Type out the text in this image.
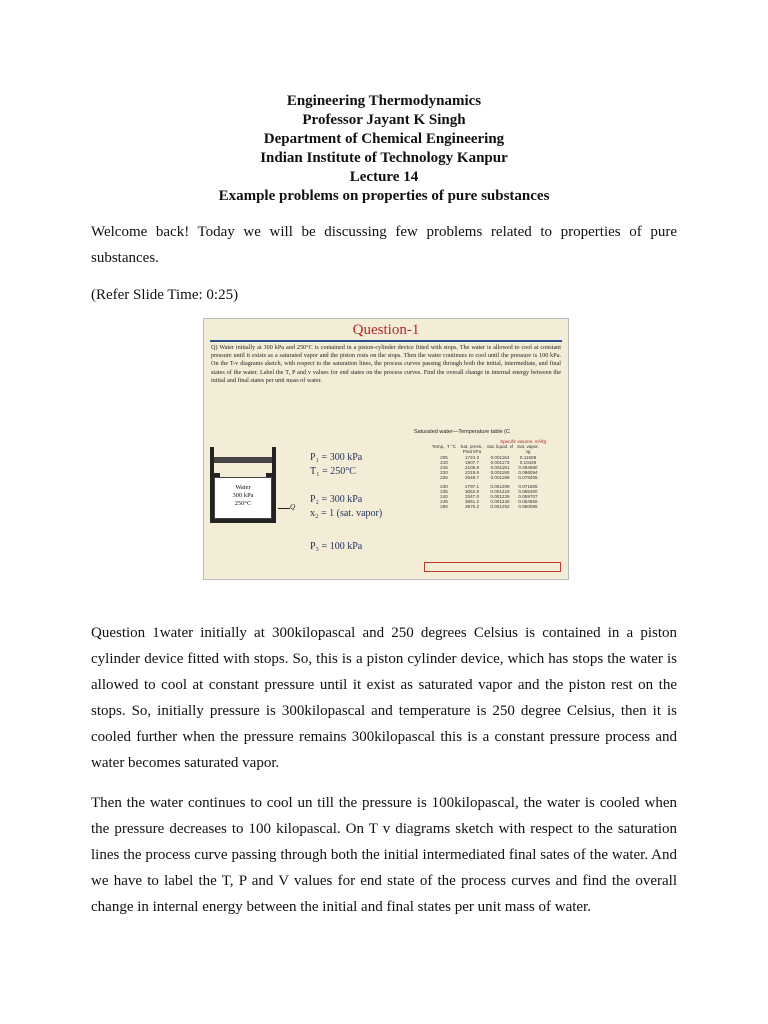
Engineering Thermodynamics
Professor Jayant K Singh
Department of Chemical Engineering
Indian Institute of Technology Kanpur
Lecture 14
Example problems on properties of pure substances

Welcome back! Today we will be discussing few problems related to properties of pure substances.

(Refer Slide Time: 0:25)

Question-1
Q) Water initially at 300 kPa and 250°C is contained in a piston-cylinder device fitted with stops. The water is allowed to cool at constant pressure until it exists as a saturated vapor and the piston rests on the stops. Then the water continues to cool until the pressure is 100 kPa. On the T-v diagrams sketch, with respect to the saturation lines, the process curves passing through both the initial, intermediate, and final states of the water. Label the T, P and v values for end states on the process curves. Find the overall change in internal energy between the initial and final states per unit mass of water.
Water
300 kPa
250°C	Q
P₁ = 300 kPa
T₁ = 250°C
P₂ = 300 kPa
x₂ = 1 (sat. vapor)
P₃ = 100 kPa
Saturated water—Temperature table (C
Specific volume, m³/kg
Temp., T °C Sat. press., Psat kPaSat. liquid, vf Sat. vapor, vg
205	1724.3	0.001164 0.11508
210	1907.7	0.001173 0.10429
215	2105.9	0.001181 0.094680
220	2319.6	0.001190 0.086094
225	2549.7	0.001199 0.078405
230	2797.1 0.001209 0.071505
235	3062.6 0.001219 0.065300
240	3347.0 0.001229 0.059707
245	3651.2 0.001240 0.054656
250	3976.2 0.001252 0.050085

Question 1water initially at 300kilopascal and 250 degrees Celsius is contained in a piston cylinder device fitted with stops. So, this is a piston cylinder device, which has stops the water is allowed to cool at constant pressure until it exist as saturated vapor and the piston rest on the stops. So, initially pressure is 300kilopascal and temperature is 250 degree Celsius, then it is cooled further when the pressure remains 300kilopascal this is a constant pressure process and water becomes saturated vapor.

Then the water continues to cool un till the pressure is 100kilopascal, the water is cooled when the pressure decreases to 100 kilopascal. On T v diagrams sketch with respect to the saturation lines the process curve passing through both the initial intermediated final sates of the water. And we have to label the T, P and V values for end state of the process curves and find the overall change in internal energy between the initial and final states per unit mass of water.
